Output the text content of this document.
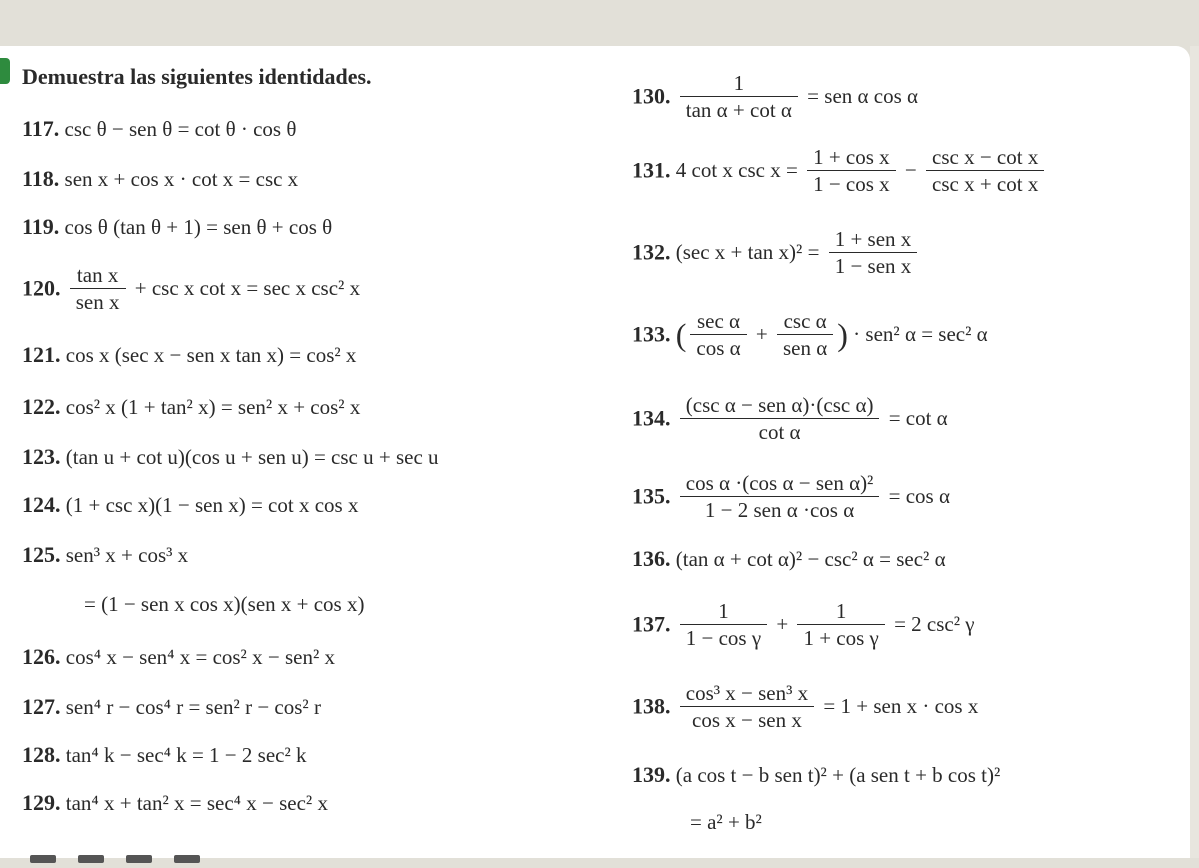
Demuestra las siguientes identidades.
117. csc θ − sen θ = cot θ · cos θ
118. sen x + cos x · cot x = csc x
119. cos θ (tan θ + 1) = sen θ + cos θ
120.
tan x
sen x
+ csc x cot x = sec x csc² x
121. cos x (sec x − sen x tan x) = cos² x
122. cos² x (1 + tan² x) = sen² x + cos² x
123. (tan u + cot u)(cos u + sen u) = csc u + sec u
124. (1 + csc x)(1 − sen x) = cot x cos x
125. sen³ x + cos³ x
= (1 − sen x cos x)(sen x + cos x)
126. cos⁴ x − sen⁴ x = cos² x − sen² x
127. sen⁴ r − cos⁴ r = sen² r − cos² r
128. tan⁴ k − sec⁴ k = 1 − 2 sec² k
129. tan⁴ x + tan² x = sec⁴ x − sec² x
130. $\frac{1}{\text{tan α + cot α}}$ = sen α cos α
131. 4 cot x $\csc x = \frac{\text{1 + cos x}}{\text{1 − cos x}}$ −
csc x − cot x
csc x + cot x
132. (sec x + tan x)² =
1 + sen x
1 − sen x
133. ( sec α
cos α
+
csc α
sen α ) · sen² α = sec² α
134.
(csc α − sen α)·(csc α)
cot α
= cot α
135.
cos α ·(cos α − sen α)²
1 − 2 sen α ·cos α
= cos α
136. (tan α + cot α)² − csc² α = sec² α
137. $\frac{1}{\text{1 − cos γ}} + \frac{1}{\text{1 + cos γ}} = 2$ csc² γ
138.
cos³ x − sen³ x
cos x − sen x
= 1 + sen x · cos x
139. (a cos t − b sen t)² + (a sen t + b cos t)²
= a² + b²
